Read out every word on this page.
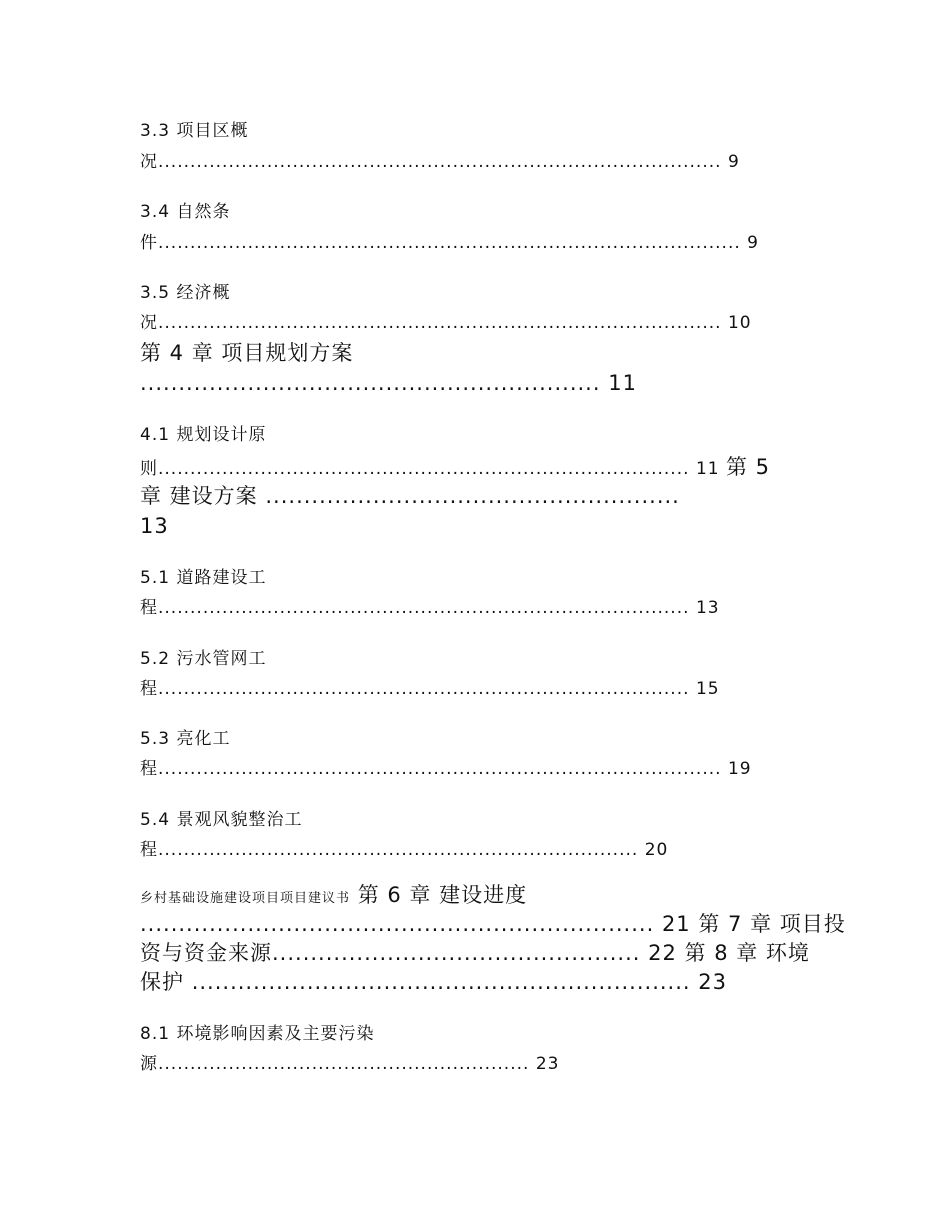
3.3 项目区概
况........................................................................................ 9
3.4 自然条
件........................................................................................... 9
3.5 经济概
况........................................................................................ 10
第 4 章 项目规划方案
............................................................ 11
4.1 规划设计原
则................................................................................... 11 第 5
章 建设方案 ......................................................
13
5.1 道路建设工
程................................................................................... 13
5.2 污水管网工
程................................................................................... 15
5.3 亮化工
程........................................................................................ 19
5.4 景观风貌整治工
程........................................................................... 20
乡村基础设施建设项目项目建议书 第 6 章 建设进度
................................................................... 21 第 7 章 项目投
资与资金来源................................................ 22 第 8 章 环境
保护 ................................................................. 23
8.1 环境影响因素及主要污染
源.......................................................... 23
